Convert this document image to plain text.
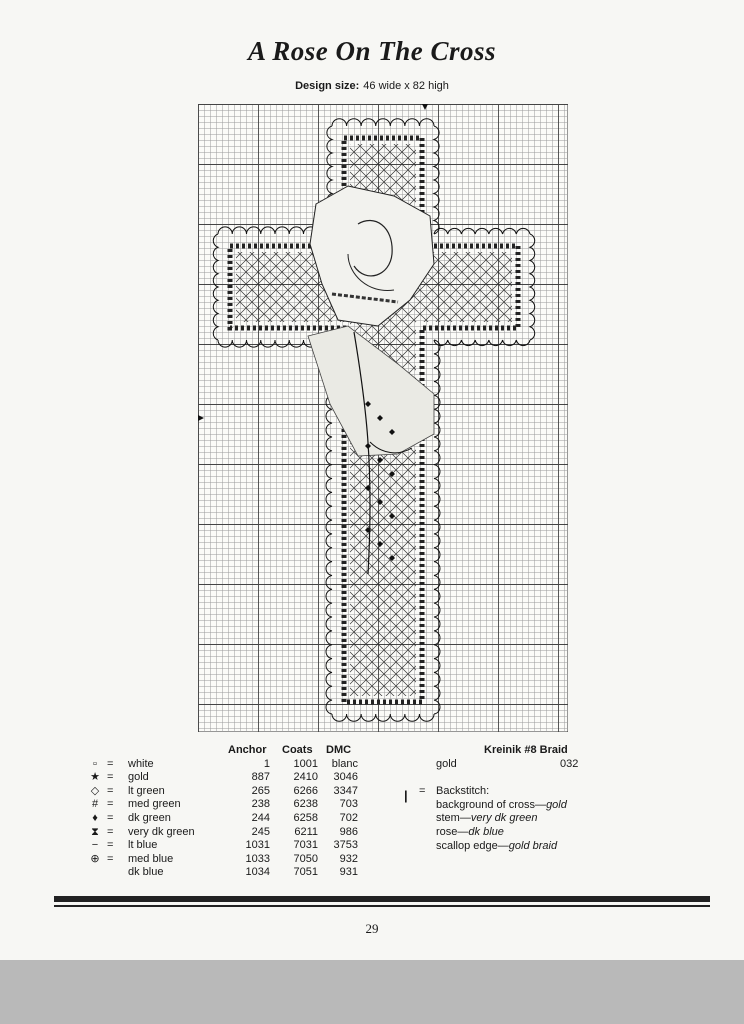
A Rose On The Cross
Design size: 46 wide x 82 high
Anchor Coats DMC
▫ = white	1	1001	blanc
★ = gold	887	2410	3046
◇ = lt green	265	6266	3347
# = med green	238	6238	703
♦ = dk green	244	6258	702
⧗ = very dk green	245	6211	986
− = lt blue	1031	7031	3753
⊕ = med blue	1033	7050	932
dk blue	1034	7051	931
Kreinik #8 Braid
gold	032
| = Backstitch:
background of cross—gold
stem—very dk green
rose—dk blue
scallop edge—gold braid
29
